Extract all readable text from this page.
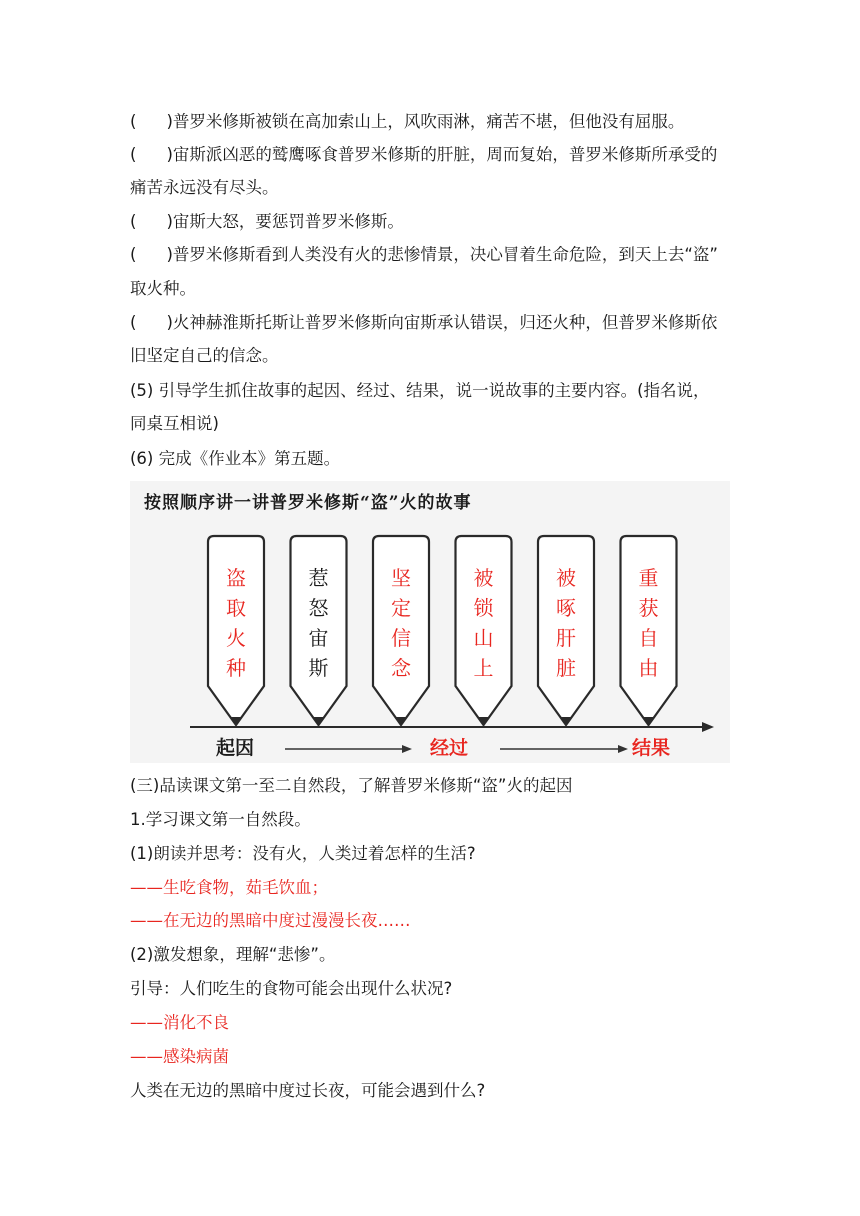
( )普罗米修斯被锁在高加索山上，风吹雨淋，痛苦不堪，但他没有屈服。
( )宙斯派凶恶的鹫鹰啄食普罗米修斯的肝脏，周而复始，普罗米修斯所承受的
痛苦永远没有尽头。
( )宙斯大怒，要惩罚普罗米修斯。
( )普罗米修斯看到人类没有火的悲惨情景，决心冒着生命危险，到天上去“盗”
取火种。
( )火神赫淮斯托斯让普罗米修斯向宙斯承认错误，归还火种，但普罗米修斯依
旧坚定自己的信念。
(5) 引导学生抓住故事的起因、经过、结果，说一说故事的主要内容。(指名说，
同桌互相说)
(6) 完成《作业本》第五题。
按照顺序讲一讲普罗米修斯“盗”火的故事
盗
取
火
种
惹
怒
宙
斯
坚
定
信
念
被
锁
山
上
被
啄
肝
脏
重
获
自
由
起因	经过	结果
(三)品读课文第一至二自然段，了解普罗米修斯“盗”火的起因
1.学习课文第一自然段。
(1)朗读并思考：没有火，人类过着怎样的生活?
——生吃食物，茹毛饮血；
——在无边的黑暗中度过漫漫长夜……
(2)激发想象，理解“悲惨”。
引导：人们吃生的食物可能会出现什么状况?
——消化不良
——感染病菌
人类在无边的黑暗中度过长夜，可能会遇到什么?
